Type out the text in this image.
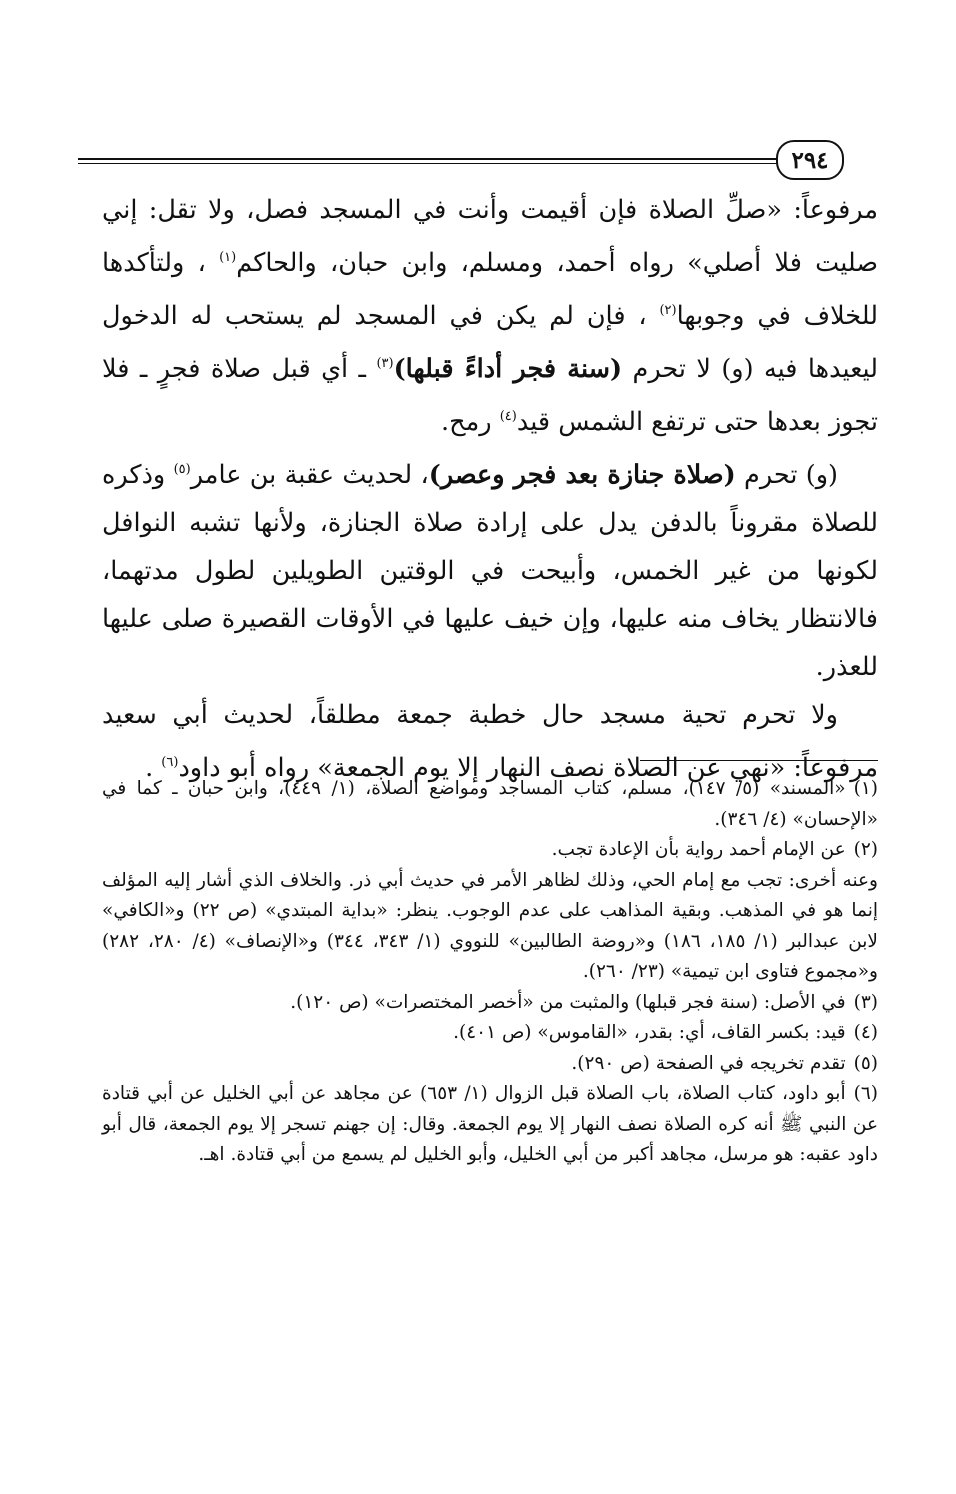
٢٩٤

مرفوعاً: «صلِّ الصلاة فإن أقيمت وأنت في المسجد فصل، ولا تقل: إني صليت فلا أصلي» رواه أحمد، ومسلم، وابن حبان، والحاكم$^{(١)}$ ، ولتأكدها للخلاف في وجوبها$^{(٢)}$ ، فإن لم يكن في المسجد لم يستحب له الدخول ليعيدها فيه (و) لا تحرم (سنة فجر أداءً قبلها)$^{(٣)}$ ـ أي قبل صلاة فجرٍ ـ فلا تجوز بعدها حتى ترتفع الشمس قيد$^{(٤)}$ رمح.

(و) تحرم (صلاة جنازة بعد فجر وعصر)، لحديث عقبة بن عامر$^{(٥)}$ وذكره للصلاة مقروناً بالدفن يدل على إرادة صلاة الجنازة، ولأنها تشبه النوافل لكونها من غير الخمس، وأبيحت في الوقتين الطويلين لطول مدتهما، فالانتظار يخاف منه عليها، وإن خيف عليها في الأوقات القصيرة صلى عليها للعذر.

ولا تحرم تحية مسجد حال خطبة جمعة مطلقاً، لحديث أبي سعيد مرفوعاً: «نهي عن الصلاة نصف النهار إلا يوم الجمعة» رواه أبو داود$^{(٦)}$ .

(١)«المسند» (٥/ ١٤٧)، مسلم، كتاب المساجد ومواضع الصلاة، (١/ ٤٤٩)، وابن حبان ـ كما في «الإحسان» (٤/ ٣٤٦).

(٢)عن الإمام أحمد رواية بأن الإعادة تجب.

وعنه أخرى: تجب مع إمام الحي، وذلك لظاهر الأمر في حديث أبي ذر. والخلاف الذي أشار إليه المؤلف إنما هو في المذهب. وبقية المذاهب على عدم الوجوب. ينظر: «بداية المبتدي» (ص ٢٢) و«الكافي» لابن عبدالبر (١/ ١٨٥، ١٨٦) و«روضة الطالبين» للنووي (١/ ٣٤٣، ٣٤٤) و«الإنصاف» (٤/ ٢٨٠، ٢٨٢) و«مجموع فتاوى ابن تيمية» (٢٣/ ٢٦٠).

(٣)في الأصل: (سنة فجر قبلها) والمثبت من «أخصر المختصرات» (ص ١٢٠).

(٤)قيد: بكسر القاف، أي: بقدر، «القاموس» (ص ٤٠١).

(٥)تقدم تخريجه في الصفحة (ص ٢٩٠).

(٦)أبو داود، كتاب الصلاة، باب الصلاة قبل الزوال (١/ ٦٥٣) عن مجاهد عن أبي الخليل عن أبي قتادة عن النبي ﷺ أنه كره الصلاة نصف النهار إلا يوم الجمعة. وقال: إن جهنم تسجر إلا يوم الجمعة، قال أبو داود عقبه: هو مرسل، مجاهد أكبر من أبي الخليل، وأبو الخليل لم يسمع من أبي قتادة. اهـ.
